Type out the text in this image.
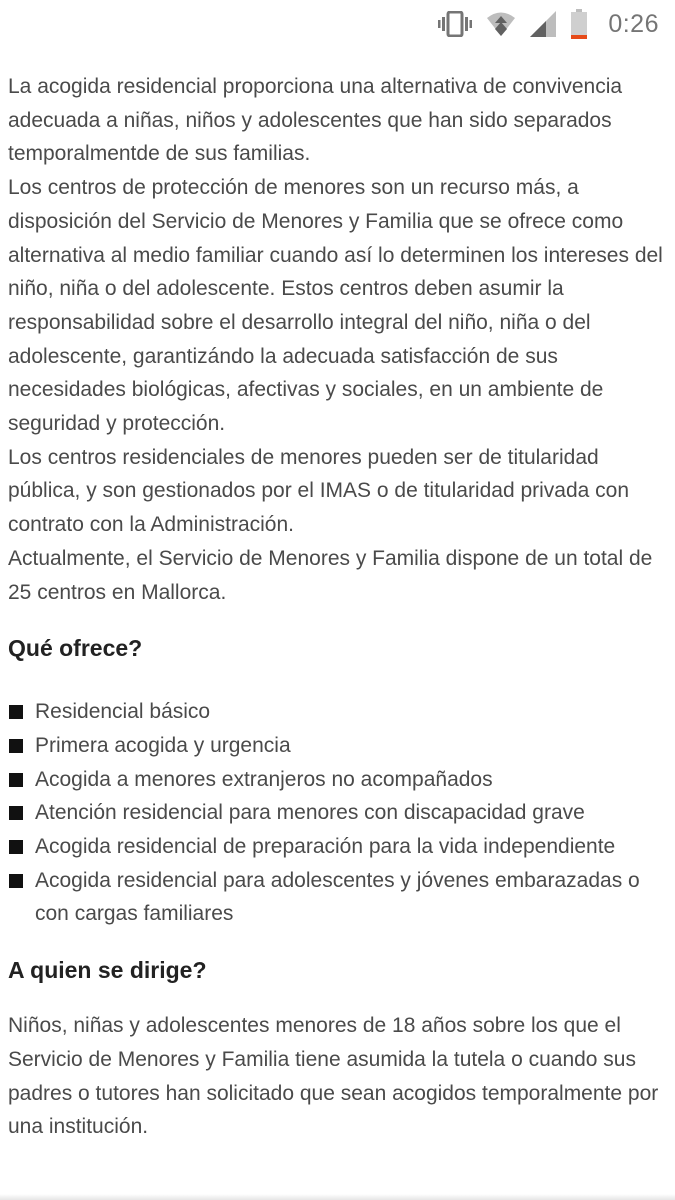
0:26

La acogida residencial proporciona una alternativa de convivencia adecuada a niñas, niños y adolescentes que han sido separados temporalmentde de sus familias.

Los centros de protección de menores son un recurso más, a disposición del Servicio de Menores y Familia que se ofrece como alternativa al medio familiar cuando así lo determinen los intereses del niño, niña o del adolescente. Estos centros deben asumir la responsabilidad sobre el desarrollo integral del niño, niña o del adolescente, garantizándo la adecuada satisfacción de sus necesidades biológicas, afectivas y sociales, en un ambiente de seguridad y protección.

Los centros residenciales de menores pueden ser de titularidad pública, y son gestionados por el IMAS o de titularidad privada con contrato con la Administración.

Actualmente, el Servicio de Menores y Familia dispone de un total de 25 centros en Mallorca.

Qué ofrece?
Residencial básico
Primera acogida y urgencia
Acogida a menores extranjeros no acompañados
Atención residencial para menores con discapacidad grave
Acogida residencial de preparación para la vida independiente
Acogida residencial para adolescentes y jóvenes embarazadas o con cargas familiares
A quien se dirige?

Niños, niñas y adolescentes menores de 18 años sobre los que el Servicio de Menores y Familia tiene asumida la tutela o cuando sus padres o tutores han solicitado que sean acogidos temporalmente por una institución.
